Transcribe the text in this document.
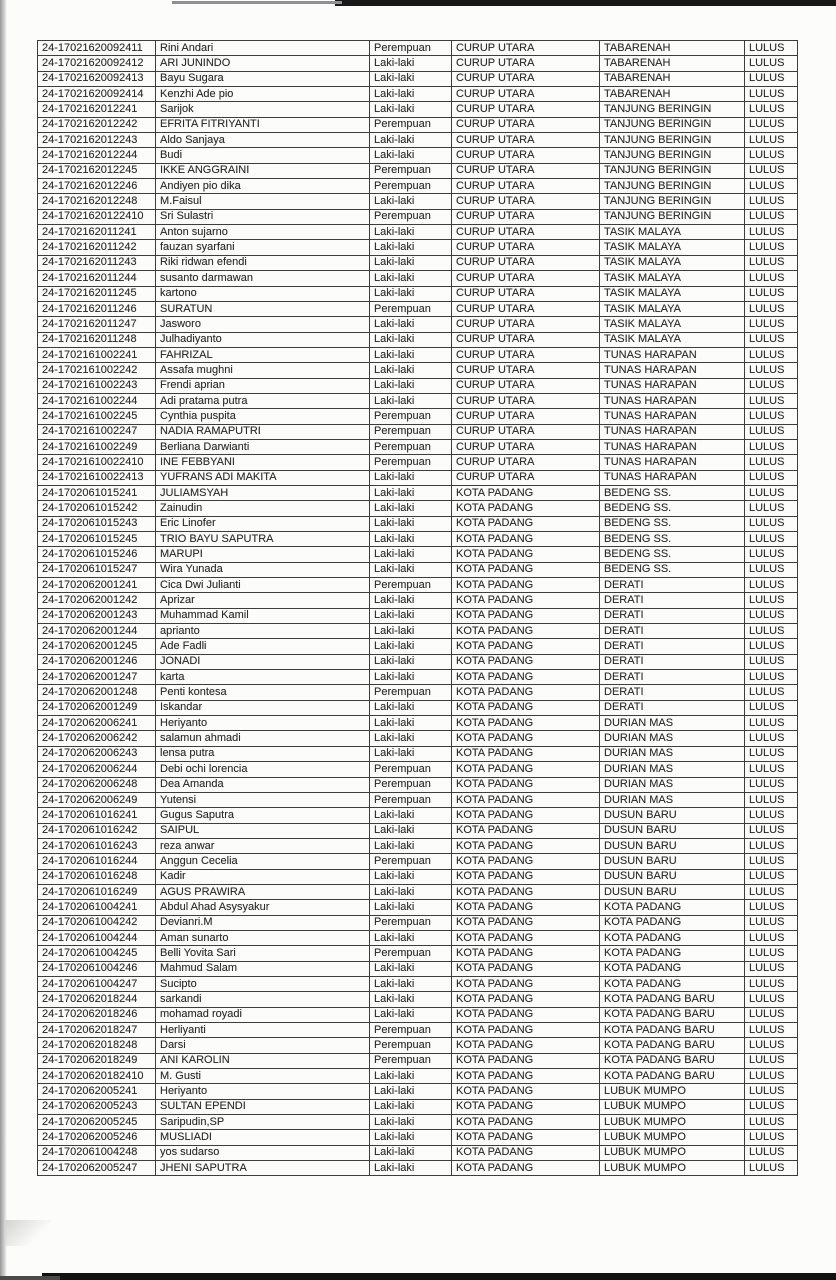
24-17021620092411	Rini Andari	Perempuan	CURUP UTARA	TABARENAH	LULUS
24-17021620092412	ARI JUNINDO	Laki-laki	CURUP UTARA	TABARENAH	LULUS
24-17021620092413	Bayu Sugara	Laki-laki	CURUP UTARA	TABARENAH	LULUS
24-17021620092414	Kenzhi Ade pio	Laki-laki	CURUP UTARA	TABARENAH	LULUS
24-1702162012241	Sarijok	Laki-laki	CURUP UTARA	TANJUNG BERINGIN	LULUS
24-1702162012242	EFRITA FITRIYANTI	Perempuan	CURUP UTARA	TANJUNG BERINGIN	LULUS
24-1702162012243	Aldo Sanjaya	Laki-laki	CURUP UTARA	TANJUNG BERINGIN	LULUS
24-1702162012244	Budi	Laki-laki	CURUP UTARA	TANJUNG BERINGIN	LULUS
24-1702162012245	IKKE ANGGRAINI	Perempuan	CURUP UTARA	TANJUNG BERINGIN	LULUS
24-1702162012246	Andiyen pio dika	Perempuan	CURUP UTARA	TANJUNG BERINGIN	LULUS
24-1702162012248	M.Faisul	Laki-laki	CURUP UTARA	TANJUNG BERINGIN	LULUS
24-17021620122410	Sri Sulastri	Perempuan	CURUP UTARA	TANJUNG BERINGIN	LULUS
24-1702162011241	Anton sujarno	Laki-laki	CURUP UTARA	TASIK MALAYA	LULUS
24-1702162011242	fauzan syarfani	Laki-laki	CURUP UTARA	TASIK MALAYA	LULUS
24-1702162011243	Riki ridwan efendi	Laki-laki	CURUP UTARA	TASIK MALAYA	LULUS
24-1702162011244	susanto darmawan	Laki-laki	CURUP UTARA	TASIK MALAYA	LULUS
24-1702162011245	kartono	Laki-laki	CURUP UTARA	TASIK MALAYA	LULUS
24-1702162011246	SURATUN	Perempuan	CURUP UTARA	TASIK MALAYA	LULUS
24-1702162011247	Jasworo	Laki-laki	CURUP UTARA	TASIK MALAYA	LULUS
24-1702162011248	Julhadiyanto	Laki-laki	CURUP UTARA	TASIK MALAYA	LULUS
24-1702161002241	FAHRIZAL	Laki-laki	CURUP UTARA	TUNAS HARAPAN	LULUS
24-1702161002242	Assafa mughni	Laki-laki	CURUP UTARA	TUNAS HARAPAN	LULUS
24-1702161002243	Frendi aprian	Laki-laki	CURUP UTARA	TUNAS HARAPAN	LULUS
24-1702161002244	Adi pratama putra	Laki-laki	CURUP UTARA	TUNAS HARAPAN	LULUS
24-1702161002245	Cynthia puspita	Perempuan	CURUP UTARA	TUNAS HARAPAN	LULUS
24-1702161002247	NADIA RAMAPUTRI	Perempuan	CURUP UTARA	TUNAS HARAPAN	LULUS
24-1702161002249	Berliana Darwianti	Perempuan	CURUP UTARA	TUNAS HARAPAN	LULUS
24-17021610022410	INE FEBBYANI	Perempuan	CURUP UTARA	TUNAS HARAPAN	LULUS
24-17021610022413	YUFRANS ADI MAKITA	Laki-laki	CURUP UTARA	TUNAS HARAPAN	LULUS
24-1702061015241	JULIAMSYAH	Laki-laki	KOTA PADANG	BEDENG SS.	LULUS
24-1702061015242	Zainudin	Laki-laki	KOTA PADANG	BEDENG SS.	LULUS
24-1702061015243	Eric Linofer	Laki-laki	KOTA PADANG	BEDENG SS.	LULUS
24-1702061015245	TRIO BAYU SAPUTRA	Laki-laki	KOTA PADANG	BEDENG SS.	LULUS
24-1702061015246	MARUPI	Laki-laki	KOTA PADANG	BEDENG SS.	LULUS
24-1702061015247	Wira Yunada	Laki-laki	KOTA PADANG	BEDENG SS.	LULUS
24-1702062001241	Cica Dwi Julianti	Perempuan	KOTA PADANG	DERATI	LULUS
24-1702062001242	Aprizar	Laki-laki	KOTA PADANG	DERATI	LULUS
24-1702062001243	Muhammad Kamil	Laki-laki	KOTA PADANG	DERATI	LULUS
24-1702062001244	aprianto	Laki-laki	KOTA PADANG	DERATI	LULUS
24-1702062001245	Ade Fadli	Laki-laki	KOTA PADANG	DERATI	LULUS
24-1702062001246	JONADI	Laki-laki	KOTA PADANG	DERATI	LULUS
24-1702062001247	karta	Laki-laki	KOTA PADANG	DERATI	LULUS
24-1702062001248	Penti kontesa	Perempuan	KOTA PADANG	DERATI	LULUS
24-1702062001249	Iskandar	Laki-laki	KOTA PADANG	DERATI	LULUS
24-1702062006241	Heriyanto	Laki-laki	KOTA PADANG	DURIAN MAS	LULUS
24-1702062006242	salamun ahmadi	Laki-laki	KOTA PADANG	DURIAN MAS	LULUS
24-1702062006243	lensa putra	Laki-laki	KOTA PADANG	DURIAN MAS	LULUS
24-1702062006244	Debi ochi lorencia	Perempuan	KOTA PADANG	DURIAN MAS	LULUS
24-1702062006248	Dea Amanda	Perempuan	KOTA PADANG	DURIAN MAS	LULUS
24-1702062006249	Yutensi	Perempuan	KOTA PADANG	DURIAN MAS	LULUS
24-1702061016241	Gugus Saputra	Laki-laki	KOTA PADANG	DUSUN BARU	LULUS
24-1702061016242	SAIPUL	Laki-laki	KOTA PADANG	DUSUN BARU	LULUS
24-1702061016243	reza anwar	Laki-laki	KOTA PADANG	DUSUN BARU	LULUS
24-1702061016244	Anggun Cecelia	Perempuan	KOTA PADANG	DUSUN BARU	LULUS
24-1702061016248	Kadir	Laki-laki	KOTA PADANG	DUSUN BARU	LULUS
24-1702061016249	AGUS PRAWIRA	Laki-laki	KOTA PADANG	DUSUN BARU	LULUS
24-1702061004241	Abdul Ahad Asysyakur	Laki-laki	KOTA PADANG	KOTA PADANG	LULUS
24-1702061004242	Devianri.M	Perempuan	KOTA PADANG	KOTA PADANG	LULUS
24-1702061004244	Aman sunarto	Laki-laki	KOTA PADANG	KOTA PADANG	LULUS
24-1702061004245	Belli Yovita Sari	Perempuan	KOTA PADANG	KOTA PADANG	LULUS
24-1702061004246	Mahmud Salam	Laki-laki	KOTA PADANG	KOTA PADANG	LULUS
24-1702061004247	Sucipto	Laki-laki	KOTA PADANG	KOTA PADANG	LULUS
24-1702062018244	sarkandi	Laki-laki	KOTA PADANG	KOTA PADANG BARU	LULUS
24-1702062018246	mohamad royadi	Laki-laki	KOTA PADANG	KOTA PADANG BARU	LULUS
24-1702062018247	Herliyanti	Perempuan	KOTA PADANG	KOTA PADANG BARU	LULUS
24-1702062018248	Darsi	Perempuan	KOTA PADANG	KOTA PADANG BARU	LULUS
24-1702062018249	ANI KAROLIN	Perempuan	KOTA PADANG	KOTA PADANG BARU	LULUS
24-17020620182410	M. Gusti	Laki-laki	KOTA PADANG	KOTA PADANG BARU	LULUS
24-1702062005241	Heriyanto	Laki-laki	KOTA PADANG	LUBUK MUMPO	LULUS
24-1702062005243	SULTAN EPENDI	Laki-laki	KOTA PADANG	LUBUK MUMPO	LULUS
24-1702062005245	Saripudin,SP	Laki-laki	KOTA PADANG	LUBUK MUMPO	LULUS
24-1702062005246	MUSLIADI	Laki-laki	KOTA PADANG	LUBUK MUMPO	LULUS
24-1702061004248	yos sudarso	Laki-laki	KOTA PADANG	LUBUK MUMPO	LULUS
24-1702062005247	JHENI SAPUTRA	Laki-laki	KOTA PADANG	LUBUK MUMPO	LULUS
